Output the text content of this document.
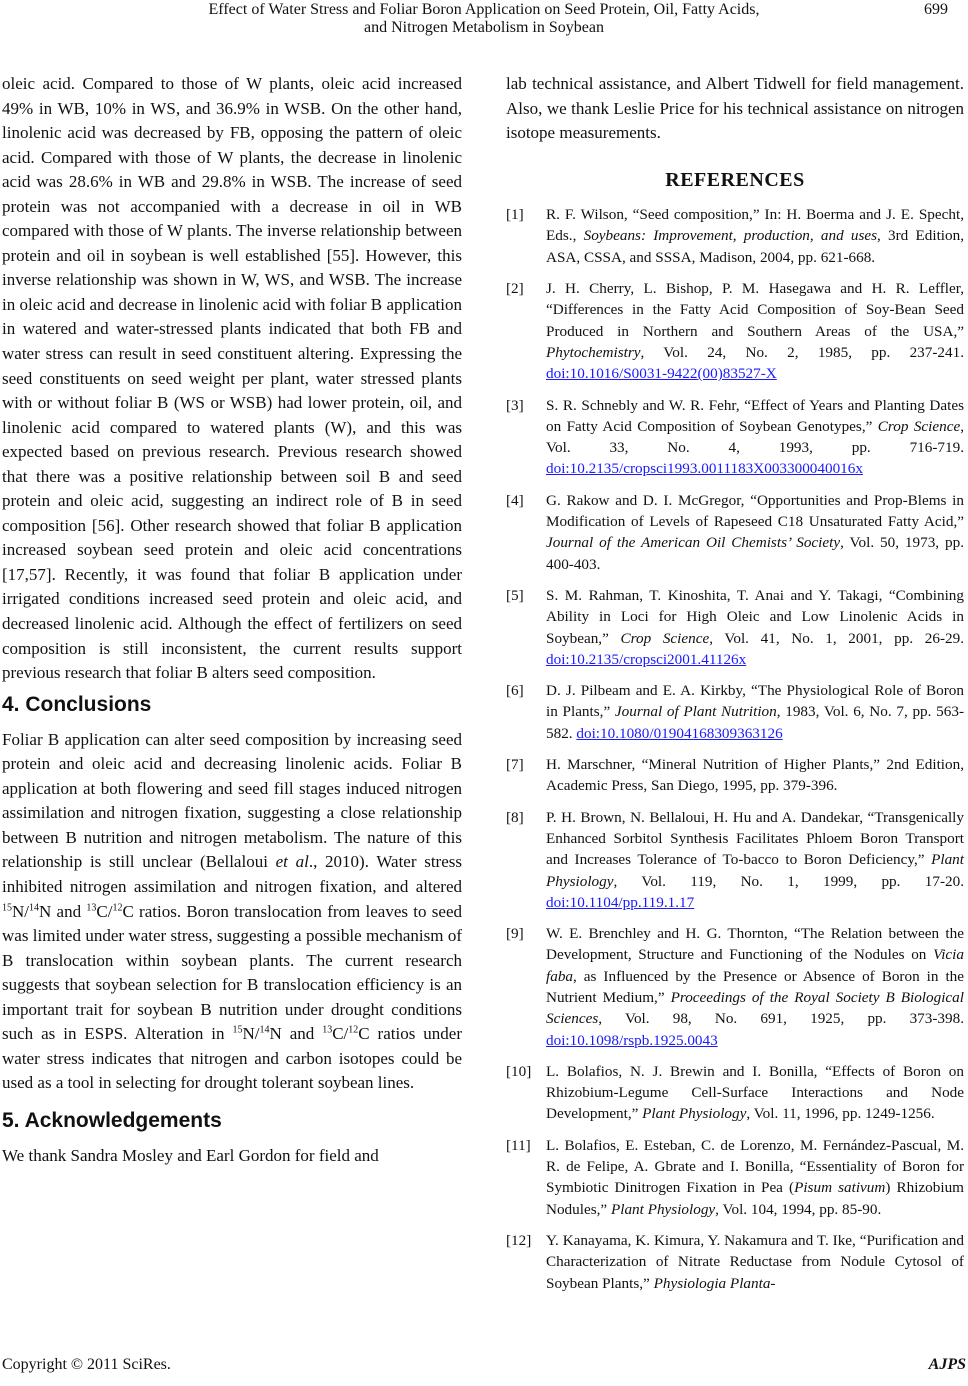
Effect of Water Stress and Foliar Boron Application on Seed Protein, Oil, Fatty Acids,
and Nitrogen Metabolism in Soybean
699

oleic acid. Compared to those of W plants, oleic acid increased 49% in WB, 10% in WS, and 36.9% in WSB. On the other hand, linolenic acid was decreased by FB, opposing the pattern of oleic acid. Compared with those of W plants, the decrease in linolenic acid was 28.6% in WB and 29.8% in WSB. The increase of seed protein was not accompanied with a decrease in oil in WB compared with those of W plants. The inverse relationship between protein and oil in soybean is well established [55]. However, this inverse relationship was shown in W, WS, and WSB. The increase in oleic acid and decrease in linolenic acid with foliar B application in watered and water-stressed plants indicated that both FB and water stress can result in seed constituent altering. Expressing the seed constituents on seed weight per plant, water stressed plants with or without foliar B (WS or WSB) had lower protein, oil, and linolenic acid compared to watered plants (W), and this was expected based on previous research. Previous research showed that there was a positive relationship between soil B and seed protein and oleic acid, suggesting an indirect role of B in seed composition [56]. Other research showed that foliar B application increased soybean seed protein and oleic acid concentrations [17,57]. Recently, it was found that foliar B application under irrigated conditions increased seed protein and oleic acid, and decreased linolenic acid. Although the effect of fertilizers on seed composition is still inconsistent, the current results support previous research that foliar B alters seed composition.

4. Conclusions

Foliar B application can alter seed composition by increasing seed protein and oleic acid and decreasing linolenic acids. Foliar B application at both flowering and seed fill stages induced nitrogen assimilation and nitrogen fixation, suggesting a close relationship between B nutrition and nitrogen metabolism. The nature of this relationship is still unclear (Bellaloui et al., 2010). Water stress inhibited nitrogen assimilation and nitrogen fixation, and altered $^{15}$N/$^{14}$N and $^{13}$C/$^{12}$C ratios. Boron translocation from leaves to seed was limited under water stress, suggesting a possible mechanism of B translocation within soybean plants. The current research suggests that soybean selection for B translocation efficiency is an important trait for soybean B nutrition under drought conditions such as in ESPS. Alteration in $^{15}$N/$^{14}$N and $^{13}$C/$^{12}$C ratios under water stress indicates that nitrogen and carbon isotopes could be used as a tool in selecting for drought tolerant soybean lines.

5. Acknowledgements

We thank Sandra Mosley and Earl Gordon for field and

lab technical assistance, and Albert Tidwell for field management. Also, we thank Leslie Price for his technical assistance on nitrogen isotope measurements.

REFERENCES
[1] R. F. Wilson, “Seed composition,” In: H. Boerma and J. E. Specht, Eds., Soybeans: Improvement, production, and uses, 3rd Edition, ASA, CSSA, and SSSA, Madison, 2004, pp. 621-668.
[2] J. H. Cherry, L. Bishop, P. M. Hasegawa and H. R. Leffler, “Differences in the Fatty Acid Composition of Soy-Bean Seed Produced in Northern and Southern Areas of the USA,” Phytochemistry, Vol. 24, No. 2, 1985, pp. 237-241. doi:10.1016/S0031-9422(00)83527-X
[3] S. R. Schnebly and W. R. Fehr, “Effect of Years and Planting Dates on Fatty Acid Composition of Soybean Genotypes,” Crop Science, Vol. 33, No. 4, 1993, pp. 716-719. doi:10.2135/cropsci1993.0011183X003300040016x
[4] G. Rakow and D. I. McGregor, “Opportunities and Prop-Blems in Modification of Levels of Rapeseed C18 Unsaturated Fatty Acid,” Journal of the American Oil Chemists’ Society, Vol. 50, 1973, pp. 400-403.
[5] S. M. Rahman, T. Kinoshita, T. Anai and Y. Takagi, “Combining Ability in Loci for High Oleic and Low Linolenic Acids in Soybean,” Crop Science, Vol. 41, No. 1, 2001, pp. 26-29. doi:10.2135/cropsci2001.41126x
[6] D. J. Pilbeam and E. A. Kirkby, “The Physiological Role of Boron in Plants,” Journal of Plant Nutrition, 1983, Vol. 6, No. 7, pp. 563-582. doi:10.1080/01904168309363126
[7] H. Marschner, “Mineral Nutrition of Higher Plants,” 2nd Edition, Academic Press, San Diego, 1995, pp. 379-396.
[8] P. H. Brown, N. Bellaloui, H. Hu and A. Dandekar, “Transgenically Enhanced Sorbitol Synthesis Facilitates Phloem Boron Transport and Increases Tolerance of To-bacco to Boron Deficiency,” Plant Physiology, Vol. 119, No. 1, 1999, pp. 17-20. doi:10.1104/pp.119.1.17
[9] W. E. Brenchley and H. G. Thornton, “The Relation between the Development, Structure and Functioning of the Nodules on Vicia faba, as Influenced by the Presence or Absence of Boron in the Nutrient Medium,” Proceedings of the Royal Society B Biological Sciences, Vol. 98, No. 691, 1925, pp. 373-398. doi:10.1098/rspb.1925.0043
[10] L. Bolafios, N. J. Brewin and I. Bonilla, “Effects of Boron on Rhizobium-Legume Cell-Surface Interactions and Node Development,” Plant Physiology, Vol. 11, 1996, pp. 1249-1256.
[11] L. Bolafios, E. Esteban, C. de Lorenzo, M. Fernández-Pascual, M. R. de Felipe, A. Gbrate and I. Bonilla, “Essentiality of Boron for Symbiotic Dinitrogen Fixation in Pea (Pisum sativum) Rhizobium Nodules,” Plant Physiology, Vol. 104, 1994, pp. 85-90.
[12] Y. Kanayama, K. Kimura, Y. Nakamura and T. Ike, “Purification and Characterization of Nitrate Reductase from Nodule Cytosol of Soybean Plants,” Physiologia Planta-
Copyright © 2011 SciRes.	AJPS
